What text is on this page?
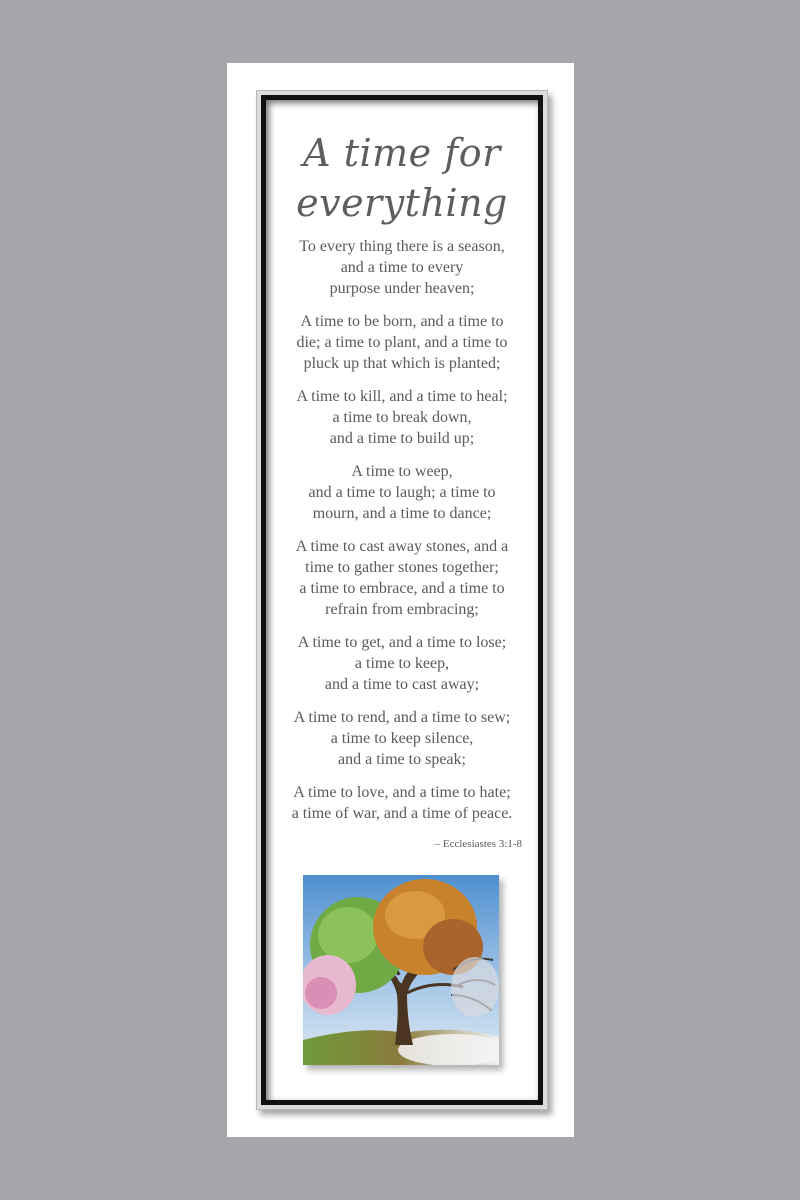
A time for
everything
To every thing there is a season,
and a time to every
purpose under heaven;
A time to be born, and a time to
die; a time to plant, and a time to
pluck up that which is planted;
A time to kill, and a time to heal;
a time to break down,
and a time to build up;
A time to weep,
and a time to laugh; a time to
mourn, and a time to dance;
A time to cast away stones, and a
time to gather stones together;
a time to embrace, and a time to
refrain from embracing;
A time to get, and a time to lose;
a time to keep,
and a time to cast away;
A time to rend, and a time to sew;
a time to keep silence,
and a time to speak;
A time to love, and a time to hate;
a time of war, and a time of peace.
– Ecclesiastes 3:1-8
